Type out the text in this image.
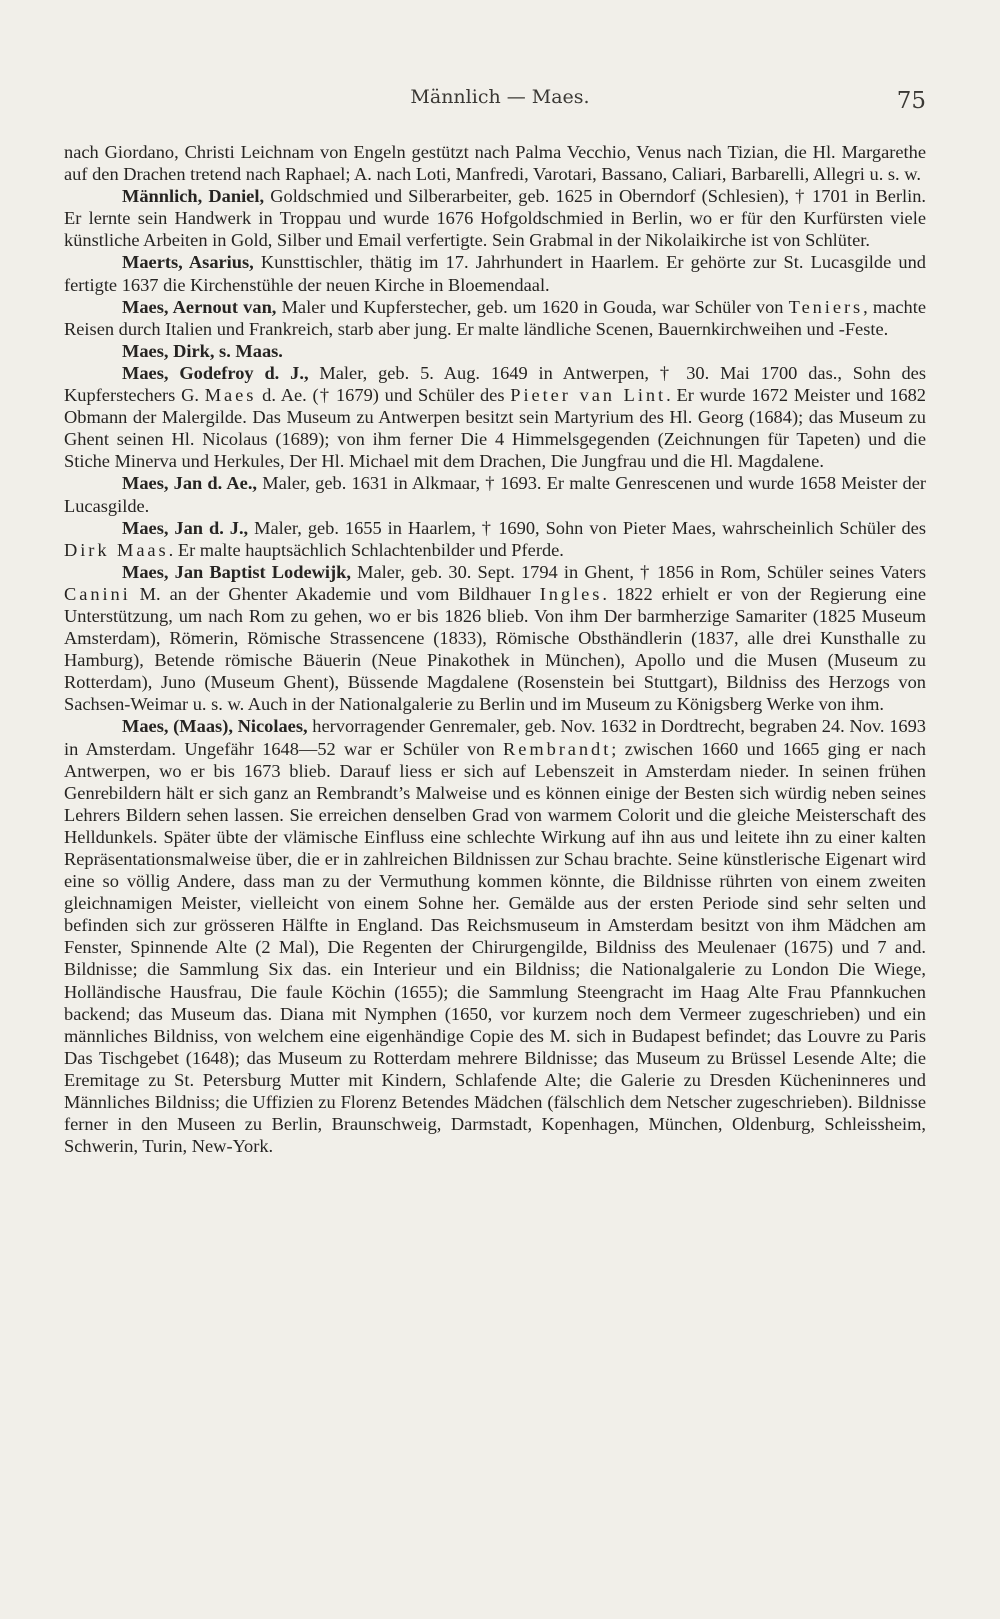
Männlich — Maes.	75

nach Giordano, Christi Leichnam von Engeln gestützt nach Palma Vecchio, Venus nach Tizian, die Hl. Margarethe auf den Drachen tretend nach Raphael; A. nach Loti, Manfredi, Varotari, Bassano, Caliari, Barbarelli, Allegri u. s. w.

Männlich, Daniel, Goldschmied und Silberarbeiter, geb. 1625 in Oberndorf (Schlesien), † 1701 in Berlin. Er lernte sein Handwerk in Troppau und wurde 1676 Hofgoldschmied in Berlin, wo er für den Kurfürsten viele künstliche Arbeiten in Gold, Silber und Email verfertigte. Sein Grabmal in der Nikolaikirche ist von Schlüter.

Maerts, Asarius, Kunsttischler, thätig im 17. Jahrhundert in Haarlem. Er gehörte zur St. Lucasgilde und fertigte 1637 die Kirchenstühle der neuen Kirche in Bloemendaal.

Maes, Aernout van, Maler und Kupferstecher, geb. um 1620 in Gouda, war Schüler von Teniers, machte Reisen durch Italien und Frankreich, starb aber jung. Er malte ländliche Scenen, Bauernkirchweihen und -Feste.

Maes, Dirk, s. Maas.

Maes, Godefroy d. J., Maler, geb. 5. Aug. 1649 in Antwerpen, † 30. Mai 1700 das., Sohn des Kupferstechers G. Maes d. Ae. († 1679) und Schüler des Pieter van Lint. Er wurde 1672 Meister und 1682 Obmann der Malergilde. Das Museum zu Antwerpen besitzt sein Martyrium des Hl. Georg (1684); das Museum zu Ghent seinen Hl. Nicolaus (1689); von ihm ferner Die 4 Himmelsgegenden (Zeichnungen für Tapeten) und die Stiche Minerva und Herkules, Der Hl. Michael mit dem Drachen, Die Jungfrau und die Hl. Magdalene.

Maes, Jan d. Ae., Maler, geb. 1631 in Alkmaar, † 1693. Er malte Genrescenen und wurde 1658 Meister der Lucasgilde.

Maes, Jan d. J., Maler, geb. 1655 in Haarlem, † 1690, Sohn von Pieter Maes, wahrscheinlich Schüler des Dirk Maas. Er malte hauptsächlich Schlachtenbilder und Pferde.

Maes, Jan Baptist Lodewijk, Maler, geb. 30. Sept. 1794 in Ghent, † 1856 in Rom, Schüler seines Vaters Canini M. an der Ghenter Akademie und vom Bildhauer Ingles. 1822 erhielt er von der Regierung eine Unterstützung, um nach Rom zu gehen, wo er bis 1826 blieb. Von ihm Der barmherzige Samariter (1825 Museum Amsterdam), Römerin, Römische Strassencene (1833), Römische Obsthändlerin (1837, alle drei Kunsthalle zu Hamburg), Betende römische Bäuerin (Neue Pinakothek in München), Apollo und die Musen (Museum zu Rotterdam), Juno (Museum Ghent), Büssende Magdalene (Rosenstein bei Stuttgart), Bildniss des Herzogs von Sachsen-Weimar u. s. w. Auch in der Nationalgalerie zu Berlin und im Museum zu Königsberg Werke von ihm.

Maes, (Maas), Nicolaes, hervorragender Genremaler, geb. Nov. 1632 in Dordtrecht, begraben 24. Nov. 1693 in Amsterdam. Ungefähr 1648—52 war er Schüler von Rembrandt; zwischen 1660 und 1665 ging er nach Antwerpen, wo er bis 1673 blieb. Darauf liess er sich auf Lebenszeit in Amsterdam nieder. In seinen frühen Genrebildern hält er sich ganz an Rembrandt’s Malweise und es können einige der Besten sich würdig neben seines Lehrers Bildern sehen lassen. Sie erreichen denselben Grad von warmem Colorit und die gleiche Meisterschaft des Helldunkels. Später übte der vlämische Einfluss eine schlechte Wirkung auf ihn aus und leitete ihn zu einer kalten Repräsentationsmalweise über, die er in zahlreichen Bildnissen zur Schau brachte. Seine künstlerische Eigenart wird eine so völlig Andere, dass man zu der Vermuthung kommen könnte, die Bildnisse rührten von einem zweiten gleichnamigen Meister, vielleicht von einem Sohne her. Gemälde aus der ersten Periode sind sehr selten und befinden sich zur grösseren Hälfte in England. Das Reichsmuseum in Amsterdam besitzt von ihm Mädchen am Fenster, Spinnende Alte (2 Mal), Die Regenten der Chirurgengilde, Bildniss des Meulenaer (1675) und 7 and. Bildnisse; die Sammlung Six das. ein Interieur und ein Bildniss; die Nationalgalerie zu London Die Wiege, Holländische Hausfrau, Die faule Köchin (1655); die Sammlung Steengracht im Haag Alte Frau Pfannkuchen backend; das Museum das. Diana mit Nymphen (1650, vor kurzem noch dem Vermeer zugeschrieben) und ein männliches Bildniss, von welchem eine eigenhändige Copie des M. sich in Budapest befindet; das Louvre zu Paris Das Tischgebet (1648); das Museum zu Rotterdam mehrere Bildnisse; das Museum zu Brüssel Lesende Alte; die Eremitage zu St. Petersburg Mutter mit Kindern, Schlafende Alte; die Galerie zu Dresden Kücheninneres und Männliches Bildniss; die Uffizien zu Florenz Betendes Mädchen (fälschlich dem Netscher zugeschrieben). Bildnisse ferner in den Museen zu Berlin, Braunschweig, Darmstadt, Kopenhagen, München, Oldenburg, Schleissheim, Schwerin, Turin, New-York.
